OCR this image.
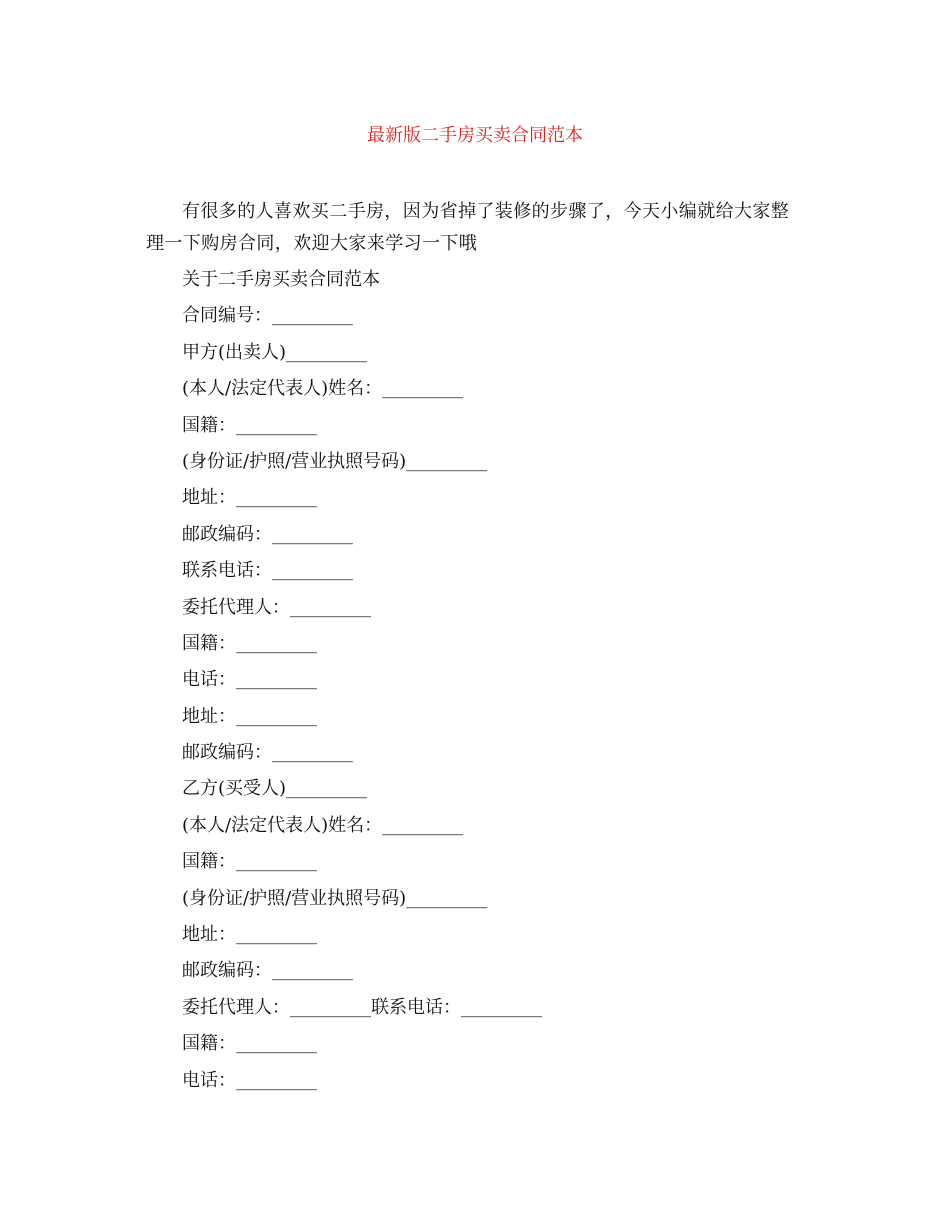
最新版二手房买卖合同范本

有很多的人喜欢买二手房，因为省掉了装修的步骤了，今天小编就给大家整理一下购房合同，欢迎大家来学习一下哦

关于二手房买卖合同范本
合同编号：_________
甲方(出卖人)_________
(本人/法定代表人)姓名：_________
国籍：_________
(身份证/护照/营业执照号码)_________
地址：_________
邮政编码：_________
联系电话：_________
委托代理人：_________
国籍：_________
电话：_________
地址：_________
邮政编码：_________
乙方(买受人)_________
(本人/法定代表人)姓名：_________
国籍：_________
(身份证/护照/营业执照号码)_________
地址：_________
邮政编码：_________
委托代理人：_________联系电话：_________
国籍：_________
电话：_________
